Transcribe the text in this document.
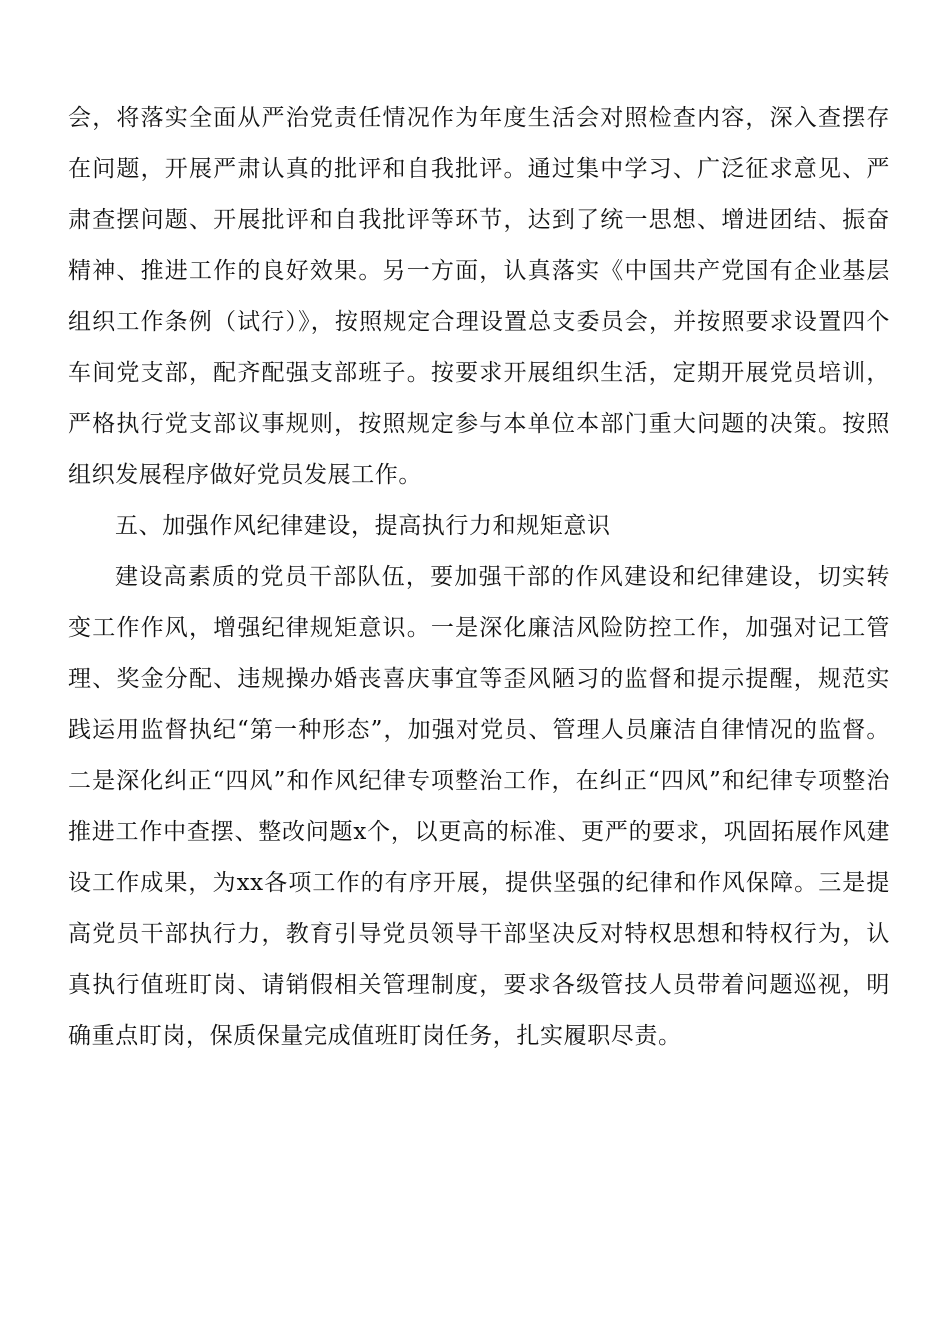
会，将落实全面从严治党责任情况作为年度生活会对照检查内容，深入查摆存在问题，开展严肃认真的批评和自我批评。通过集中学习、广泛征求意见、严肃查摆问题、开展批评和自我批评等环节，达到了统一思想、增进团结、振奋精神、推进工作的良好效果。另一方面，认真落实《中国共产党国有企业基层组织工作条例（试行）》，按照规定合理设置总支委员会，并按照要求设置四个车间党支部，配齐配强支部班子。按要求开展组织生活，定期开展党员培训，严格执行党支部议事规则，按照规定参与本单位本部门重大问题的决策。按照组织发展程序做好党员发展工作。

五、加强作风纪律建设，提高执行力和规矩意识

建设高素质的党员干部队伍，要加强干部的作风建设和纪律建设，切实转变工作作风，增强纪律规矩意识。一是深化廉洁风险防控工作，加强对记工管理、奖金分配、违规操办婚丧喜庆事宜等歪风陋习的监督和提示提醒，规范实践运用监督执纪“第一种形态”，加强对党员、管理人员廉洁自律情况的监督。二是深化纠正“四风”和作风纪律专项整治工作，在纠正“四风”和纪律专项整治推进工作中查摆、整改问题x个，以更高的标准、更严的要求，巩固拓展作风建设工作成果，为xx各项工作的有序开展，提供坚强的纪律和作风保障。三是提高党员干部执行力，教育引导党员领导干部坚决反对特权思想和特权行为，认真执行值班盯岗、请销假相关管理制度，要求各级管技人员带着问题巡视，明确重点盯岗，保质保量完成值班盯岗任务，扎实履职尽责。
